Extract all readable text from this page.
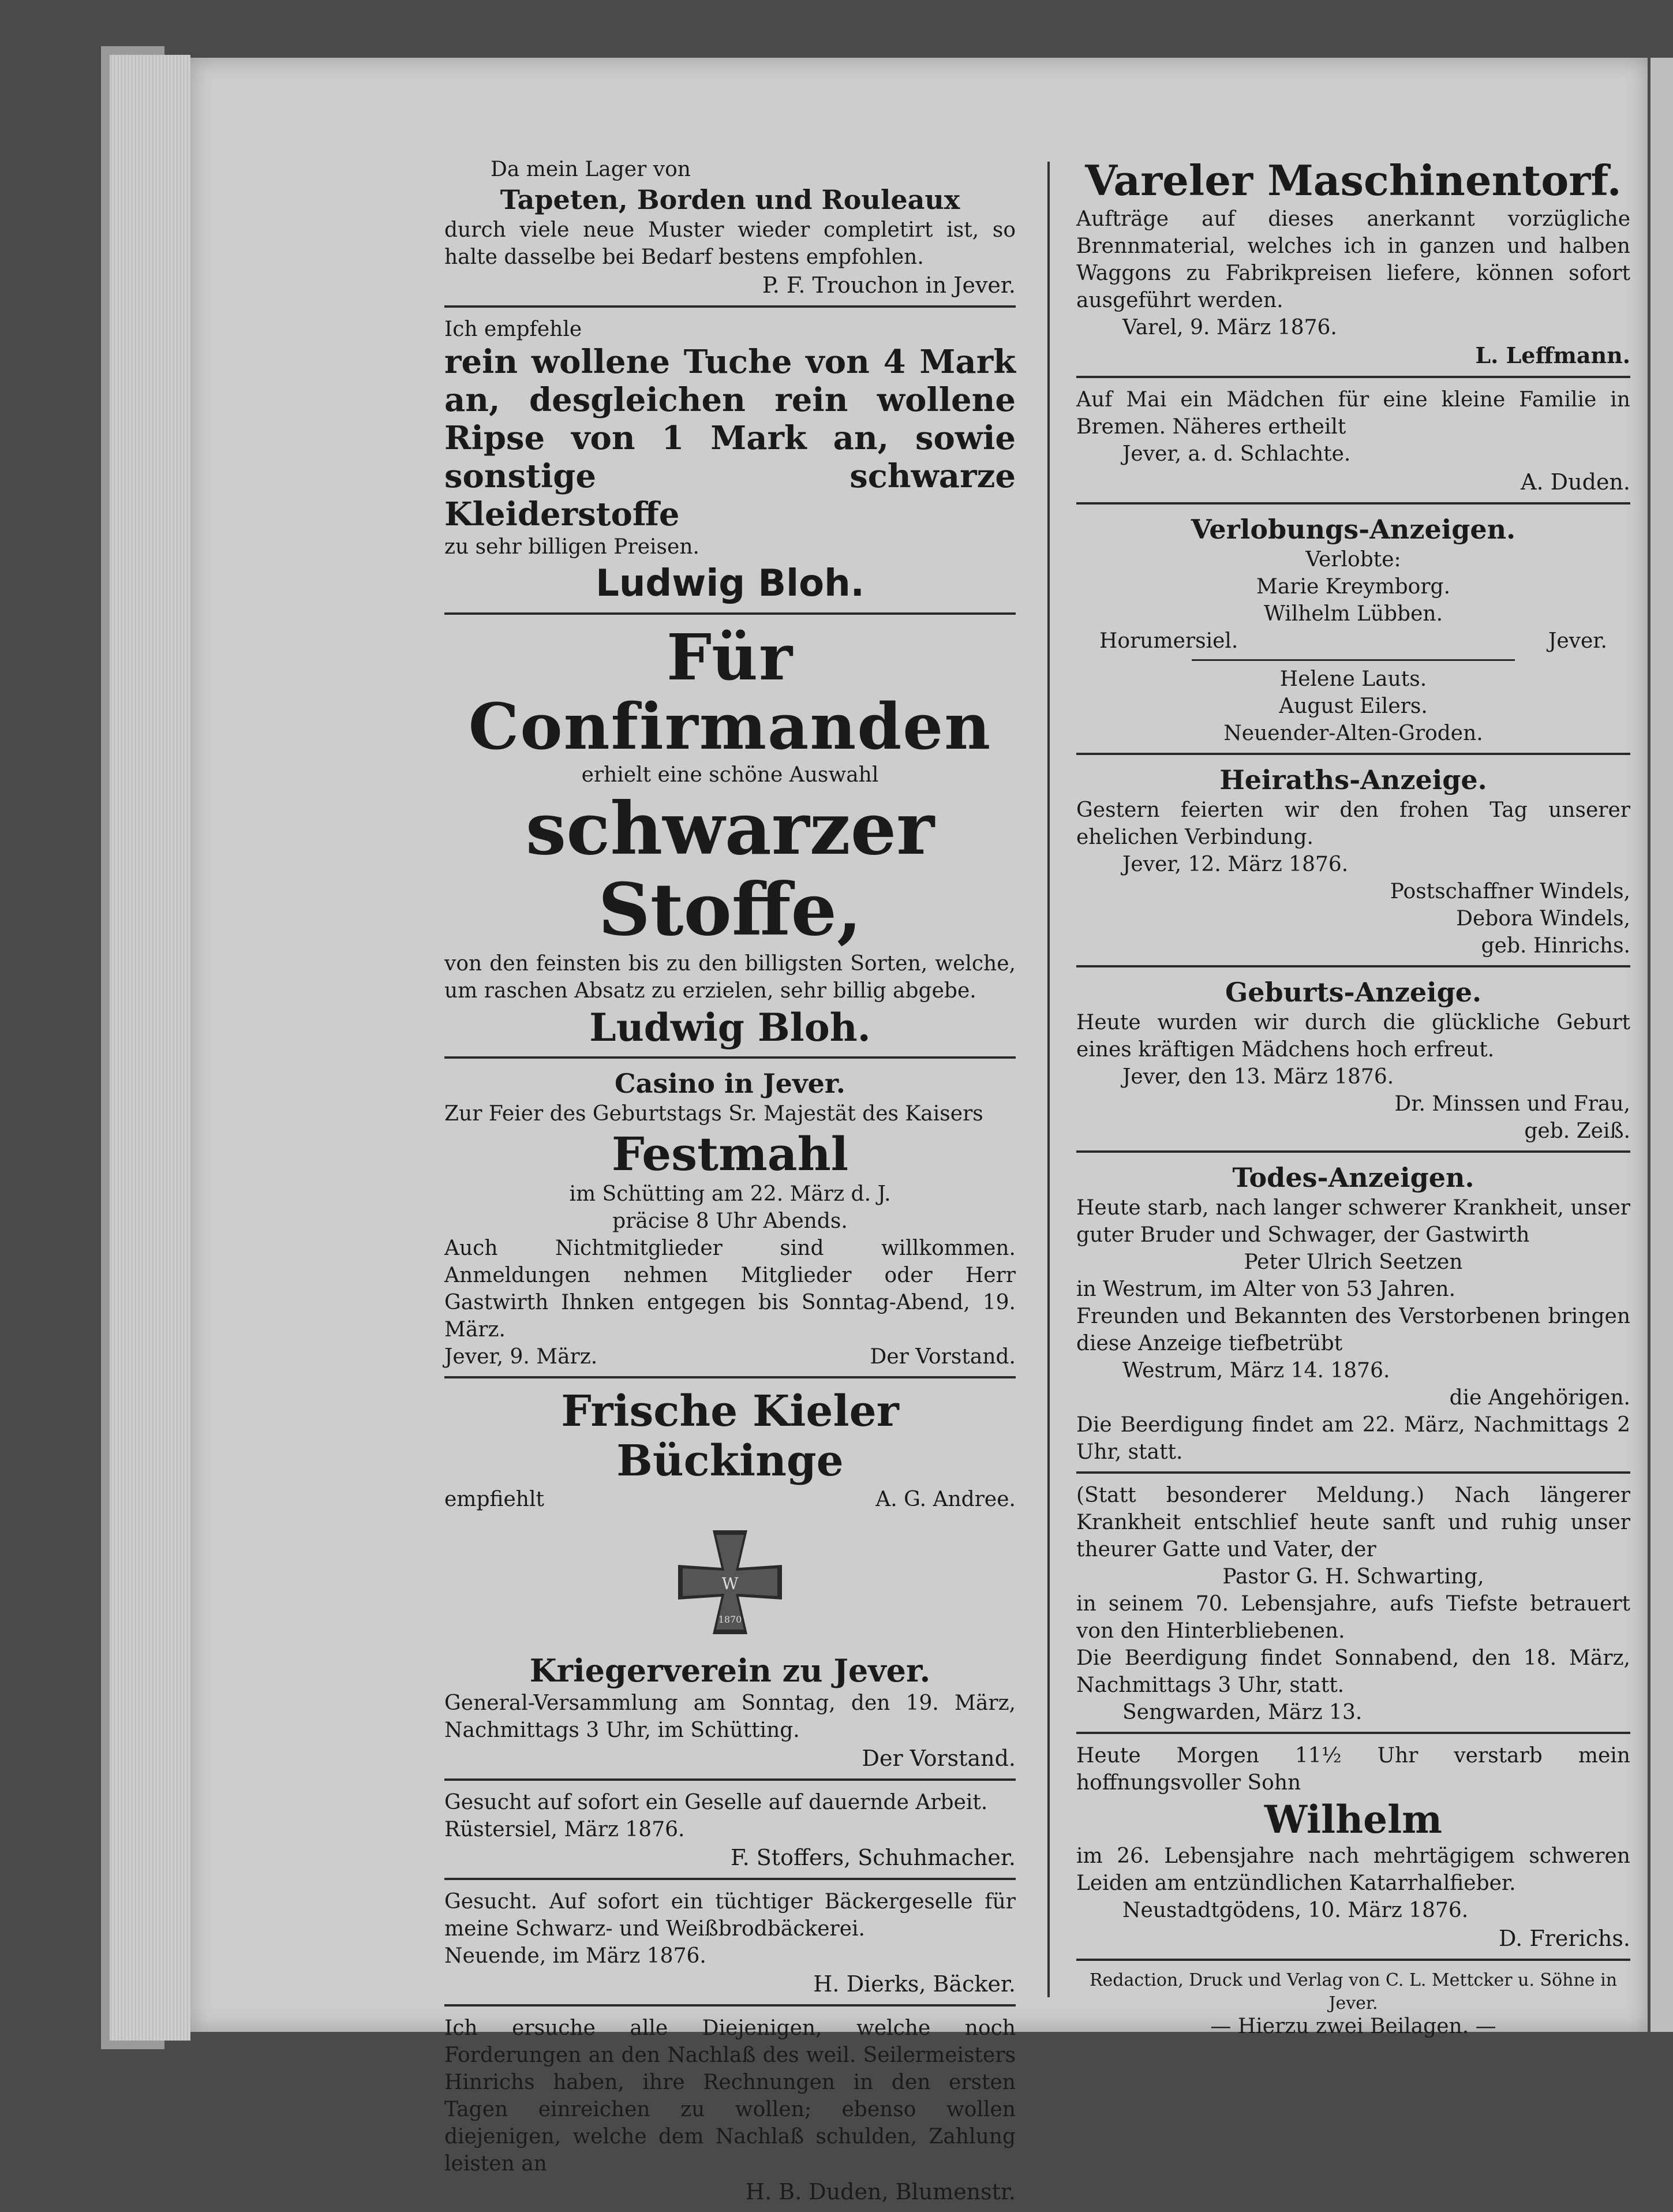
Da mein Lager von

Tapeten, Borden und Rouleaux

durch viele neue Muster wieder completirt ist, so halte dasselbe bei Bedarf bestens empfohlen.

P. F. Trouchon in Jever.

Ich empfehle

rein wollene Tuche von 4 Mark an, desgleichen rein wollene Ripse von 1 Mark an, sowie sonstige schwarze Kleiderstoffe

zu sehr billigen Preisen.

Ludwig Bloh.

Für Confirmanden

erhielt eine schöne Auswahl

schwarzer Stoffe,

von den feinsten bis zu den billigsten Sorten, welche, um raschen Absatz zu erzielen, sehr billig abgebe.

Ludwig Bloh.

Casino in Jever.

Zur Feier des Geburtstags Sr. Majestät des Kaisers

Festmahl

im Schütting am 22. März d. J.

präcise 8 Uhr Abends.

Auch Nichtmitglieder sind willkommen. Anmeldungen nehmen Mitglieder oder Herr Gastwirth Ihnken entgegen bis Sonntag-Abend, 19. März.

Jever, 9. März.	Der Vorstand.

Frische Kieler Bückinge

empfiehlt	A. G. Andree.
W
1870

Kriegerverein zu Jever.

General-Versammlung am Sonntag, den 19. März, Nachmittags 3 Uhr, im Schütting.

Der Vorstand.

Gesucht auf sofort ein Geselle auf dauernde Arbeit.

Rüstersiel, März 1876.

F. Stoffers, Schuhmacher.

Gesucht. Auf sofort ein tüchtiger Bäckergeselle für meine Schwarz- und Weißbrodbäckerei.

Neuende, im März 1876.

H. Dierks, Bäcker.

Ich ersuche alle Diejenigen, welche noch Forderungen an den Nachlaß des weil. Seilermeisters Hinrichs haben, ihre Rechnungen in den ersten Tagen einreichen zu wollen; ebenso wollen diejenigen, welche dem Nachlaß schulden, Zahlung leisten an

H. B. Duden, Blumenstr.

Vareler Maschinentorf.

Aufträge auf dieses anerkannt vorzügliche Brennmaterial, welches ich in ganzen und halben Waggons zu Fabrikpreisen liefere, können sofort ausgeführt werden.

Varel, 9. März 1876.

L. Leffmann.

Auf Mai ein Mädchen für eine kleine Familie in Bremen. Näheres ertheilt

Jever, a. d. Schlachte.

A. Duden.

Verlobungs-Anzeigen.

Verlobte:

Marie Kreymborg.

Wilhelm Lübben.

Horumersiel.	Jever.

Helene Lauts.

August Eilers.

Neuender-Alten-Groden.

Heiraths-Anzeige.

Gestern feierten wir den frohen Tag unserer ehelichen Verbindung.

Jever, 12. März 1876.

Postschaffner Windels,

Debora Windels,

geb. Hinrichs.

Geburts-Anzeige.

Heute wurden wir durch die glückliche Geburt eines kräftigen Mädchens hoch erfreut.

Jever, den 13. März 1876.

Dr. Minssen und Frau,

geb. Zeiß.

Todes-Anzeigen.

Heute starb, nach langer schwerer Krankheit, unser guter Bruder und Schwager, der Gastwirth

Peter Ulrich Seetzen

in Westrum, im Alter von 53 Jahren.

Freunden und Bekannten des Verstorbenen bringen diese Anzeige tiefbetrübt

Westrum, März 14. 1876.

die Angehörigen.

Die Beerdigung findet am 22. März, Nachmittags 2 Uhr, statt.

(Statt besonderer Meldung.) Nach längerer Krankheit entschlief heute sanft und ruhig unser theurer Gatte und Vater, der

Pastor G. H. Schwarting,

in seinem 70. Lebensjahre, aufs Tiefste betrauert von den Hinterbliebenen.

Die Beerdigung findet Sonnabend, den 18. März, Nachmittags 3 Uhr, statt.

Sengwarden, März 13.

Heute Morgen 11½ Uhr verstarb mein hoffnungsvoller Sohn

Wilhelm

im 26. Lebensjahre nach mehrtägigem schweren Leiden am entzündlichen Katarrhalfieber.

Neustadtgödens, 10. März 1876.

D. Frerichs.

Redaction, Druck und Verlag von C. L. Mettcker u. Söhne in Jever.

— Hierzu zwei Beilagen. —
